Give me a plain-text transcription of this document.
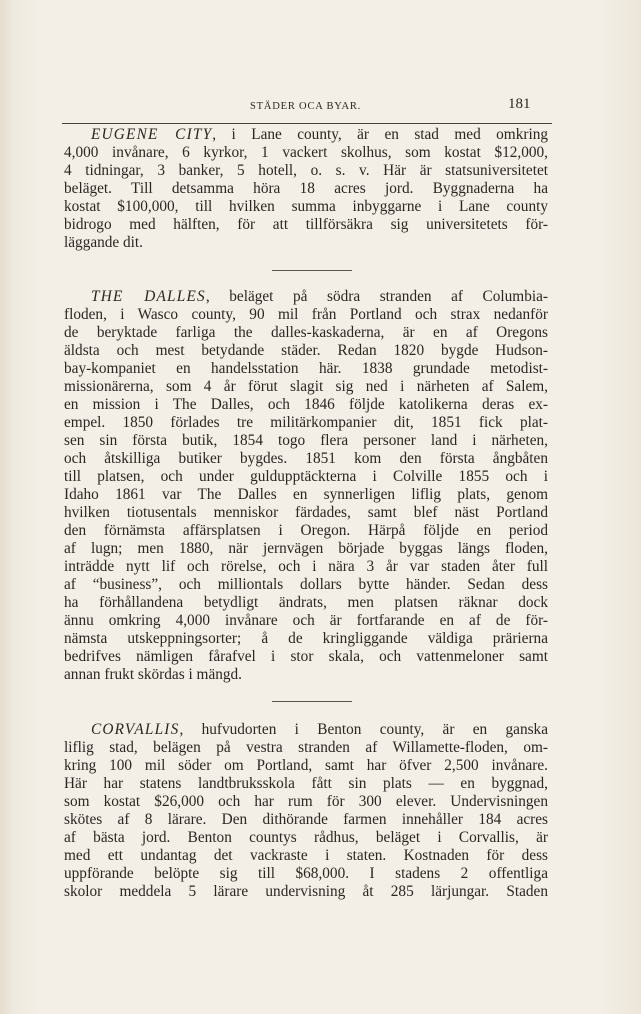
STÄDER OCA BYAR.	181
EUGENE CITY, i Lane county, är en stad med omkring
4,000 invånare, 6 kyrkor, 1 vackert skolhus, som kostat $12,000,
4 tidningar, 3 banker, 5 hotell, o. s. v. Här är statsuniversitetet
beläget. Till detsamma höra 18 acres jord. Byggnaderna ha
kostat $100,000, till hvilken summa inbyggarne i Lane county
bidrogo med hälften, för att tillförsäkra sig universitetets för-
läggande dit.
THE DALLES, beläget på södra stranden af Columbia-
floden, i Wasco county, 90 mil från Portland och strax nedanför
de beryktade farliga the dalles-kaskaderna, är en af Oregons
äldsta och mest betydande städer. Redan 1820 bygde Hudson-
bay-kompaniet en handelsstation här. 1838 grundade metodist-
missionärerna, som 4 år förut slagit sig ned i närheten af Salem,
en mission i The Dalles, och 1846 följde katolikerna deras ex-
empel. 1850 förlades tre militärkompanier dit, 1851 fick plat-
sen sin första butik, 1854 togo flera personer land i närheten,
och åtskilliga butiker bygdes. 1851 kom den första ångbåten
till platsen, och under guldupptäckterna i Colville 1855 och i
Idaho 1861 var The Dalles en synnerligen liflig plats, genom
hvilken tiotusentals menniskor färdades, samt blef näst Portland
den förnämsta affärsplatsen i Oregon. Härpå följde en period
af lugn; men 1880, när jernvägen började byggas längs floden,
inträdde nytt lif och rörelse, och i nära 3 år var staden åter full
af “business”, och milliontals dollars bytte händer. Sedan dess
ha förhållandena betydligt ändrats, men platsen räknar dock
ännu omkring 4,000 invånare och är fortfarande en af de för-
nämsta utskeppningsorter; å de kringliggande väldiga prärierna
bedrifves nämligen fårafvel i stor skala, och vattenmeloner samt
annan frukt skördas i mängd.
CORVALLIS, hufvudorten i Benton county, är en ganska
liflig stad, belägen på vestra stranden af Willamette-floden, om-
kring 100 mil söder om Portland, samt har öfver 2,500 invånare.
Här har statens landtbruksskola fått sin plats — en byggnad,
som kostat $26,000 och har rum för 300 elever. Undervisningen
skötes af 8 lärare. Den dithörande farmen innehåller 184 acres
af bästa jord. Benton countys rådhus, beläget i Corvallis, är
med ett undantag det vackraste i staten. Kostnaden för dess
uppförande belöpte sig till $68,000. I stadens 2 offentliga
skolor meddela 5 lärare undervisning åt 285 lärjungar. Staden
